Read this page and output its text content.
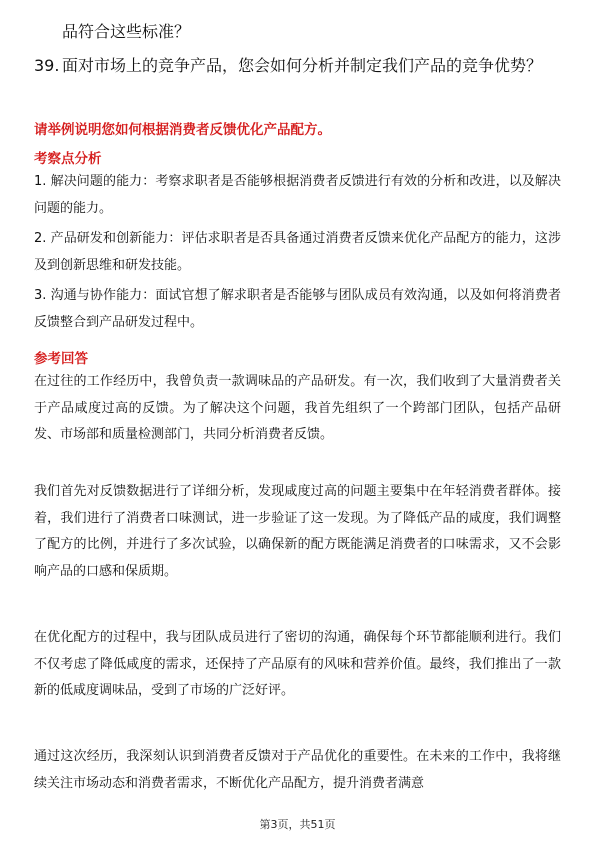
品符合这些标准？
39. 面对市场上的竞争产品，您会如何分析并制定我们产品的竞争优势？
请举例说明您如何根据消费者反馈优化产品配方。
考察点分析
1. 解决问题的能力：考察求职者是否能够根据消费者反馈进行有效的分析和改进，以及解决问题的能力。
2. 产品研发和创新能力：评估求职者是否具备通过消费者反馈来优化产品配方的能力，这涉及到创新思维和研发技能。
3. 沟通与协作能力：面试官想了解求职者是否能够与团队成员有效沟通，以及如何将消费者反馈整合到产品研发过程中。
参考回答
在过往的工作经历中，我曾负责一款调味品的产品研发。有一次，我们收到了大量消费者关于产品咸度过高的反馈。为了解决这个问题，我首先组织了一个跨部门团队，包括产品研发、市场部和质量检测部门，共同分析消费者反馈。
我们首先对反馈数据进行了详细分析，发现咸度过高的问题主要集中在年轻消费者群体。接着，我们进行了消费者口味测试，进一步验证了这一发现。为了降低产品的咸度，我们调整了配方的比例，并进行了多次试验，以确保新的配方既能满足消费者的口味需求，又不会影响产品的口感和保质期。
在优化配方的过程中，我与团队成员进行了密切的沟通，确保每个环节都能顺利进行。我们不仅考虑了降低咸度的需求，还保持了产品原有的风味和营养价值。最终，我们推出了一款新的低咸度调味品，受到了市场的广泛好评。
通过这次经历，我深刻认识到消费者反馈对于产品优化的重要性。在未来的工作中，我将继续关注市场动态和消费者需求，不断优化产品配方，提升消费者满意
第3页，共51页
